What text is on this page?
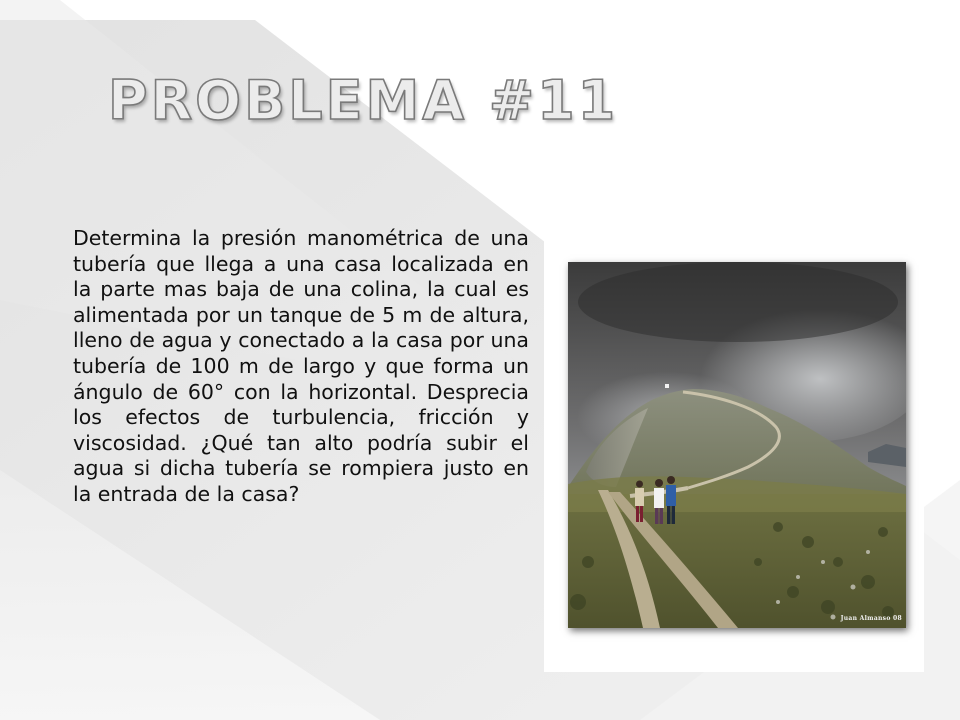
PROBLEMA #11

Determina la presión manométrica de una tubería que llega a una casa localizada en la parte mas baja de una colina, la cual es alimentada por un tanque de 5 m de altura, lleno de agua y conectado a la casa por una tubería de 100 m de largo y que forma un ángulo de 60° con la horizontal. Desprecia los efectos de turbulencia, fricción y viscosidad. ¿Qué tan alto podría subir el agua si dicha tubería se rompiera justo en la entrada de la casa?

Juan Almanso 08
